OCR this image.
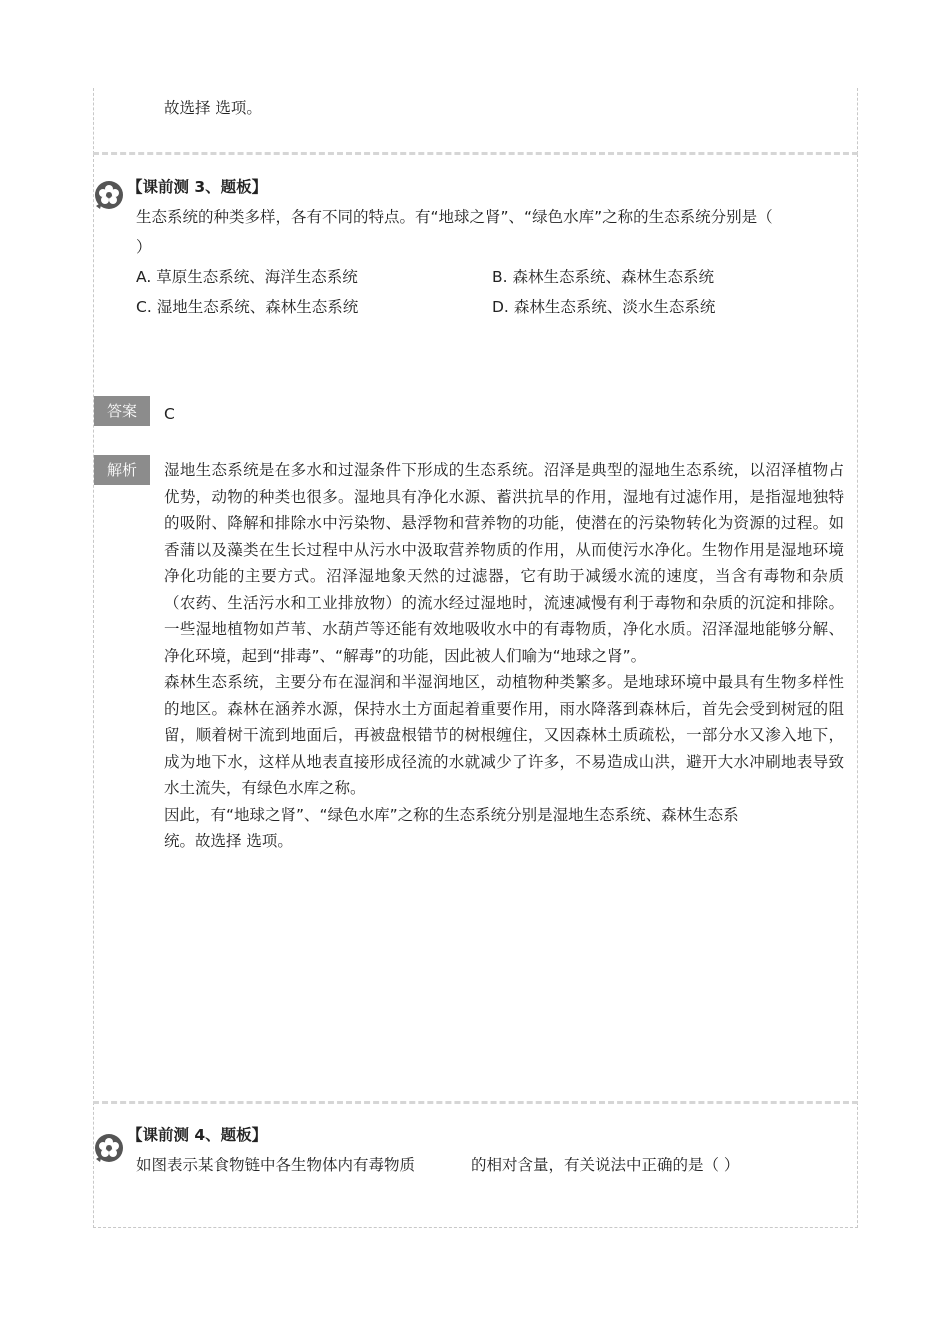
故选择 选项。
【课前测 3、题板】
生态系统的种类多样，各有不同的特点。有“地球之肾”、“绿色水库”之称的生态系统分别是（
）
A. 草原生态系统、海洋生态系统	B. 森林生态系统、森林生态系统
C. 湿地生态系统、森林生态系统	D. 森林生态系统、淡水生态系统
答案	C
解析	湿地生态系统是在多水和过湿条件下形成的生态系统。沼泽是典型的湿地生态系统，以沼泽植物占优势，动物的种类也很多。湿地具有净化水源、蓄洪抗旱的作用，湿地有过滤作用，是指湿地独特的吸附、降解和排除水中污染物、悬浮物和营养物的功能，使潜在的污染物转化为资源的过程。如香蒲以及藻类在生长过程中从污水中汲取营养物质的作用，从而使污水净化。生物作用是湿地环境净化功能的主要方式。沼泽湿地象天然的过滤器，它有助于减缓水流的速度，当含有毒物和杂质（农药、生活污水和工业排放物）的流水经过湿地时，流速减慢有利于毒物和杂质的沉淀和排除。一些湿地植物如芦苇、水葫芦等还能有效地吸收水中的有毒物质，净化水质。沼泽湿地能够分解、净化环境，起到“排毒”、“解毒”的功能，因此被人们喻为“地球之肾”。

森林生态系统，主要分布在湿润和半湿润地区，动植物种类繁多。是地球环境中最具有生物多样性的地区。森林在涵养水源，保持水土方面起着重要作用，雨水降落到森林后，首先会受到树冠的阻留，顺着树干流到地面后，再被盘根错节的树根缠住，又因森林土质疏松，一部分水又渗入地下，成为地下水，这样从地表直接形成径流的水就减少了许多，不易造成山洪，避开大水冲刷地表导致水土流失，有绿色水库之称。

因此，有“地球之肾”、“绿色水库”之称的生态系统分别是湿地生态系统、森林生态系
统。故选择 选项。

【课前测 4、题板】
如图表示某食物链中各生物体内有毒物质	的相对含量，有关说法中正确的是（ ）
